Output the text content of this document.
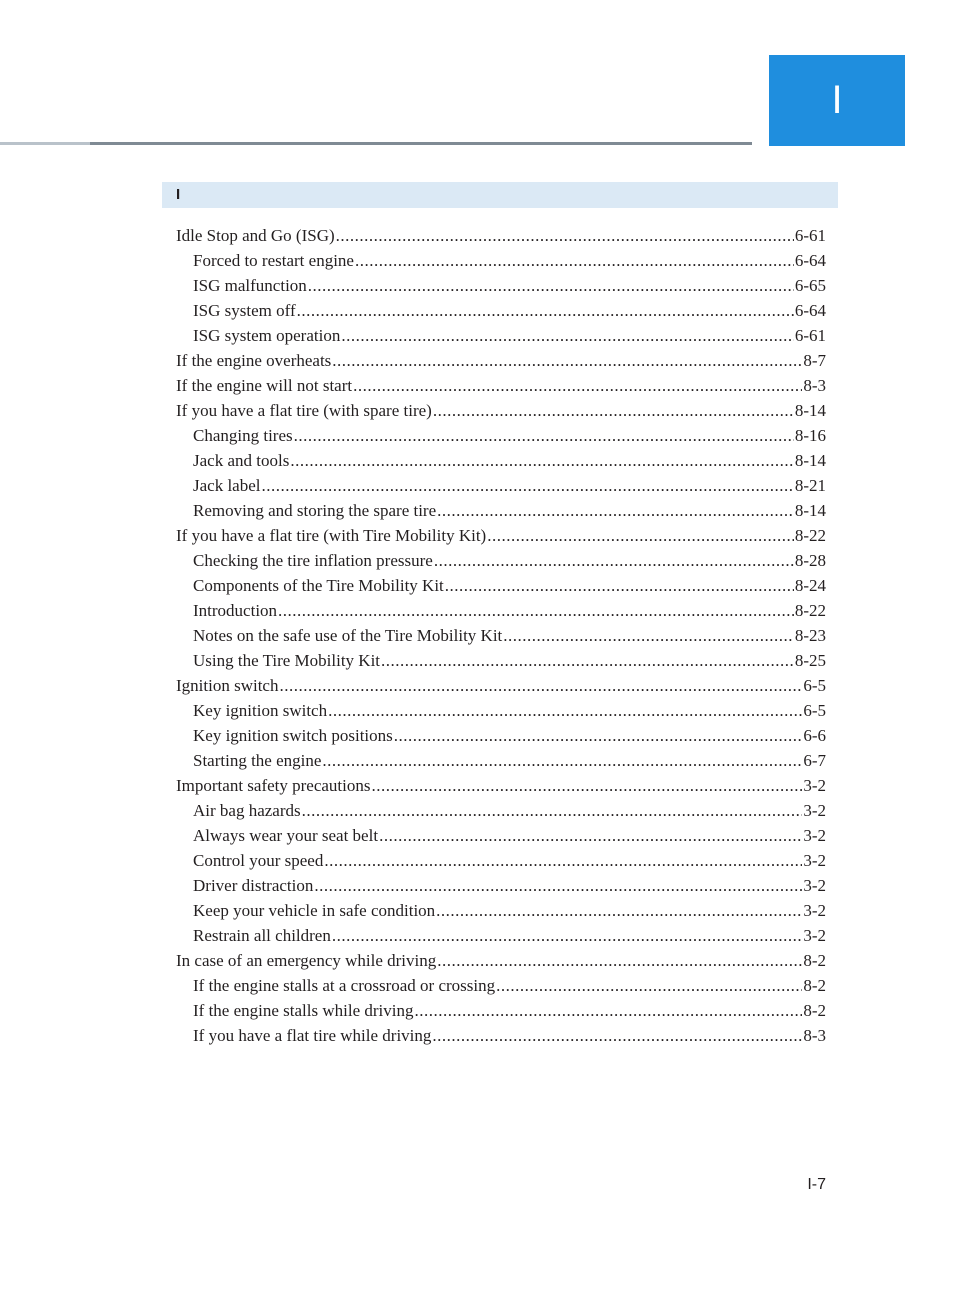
I
I
Idle Stop and Go (ISG) .....	6-61
Forced to restart engine .....	6-64
ISG malfunction .....	6-65
ISG system off .....	6-64
ISG system operation .....	6-61
If the engine overheats .....	8-7
If the engine will not start .....	8-3
If you have a flat tire (with spare tire) .....	8-14
Changing tires .....	8-16
Jack and tools .....	8-14
Jack label .....	8-21
Removing and storing the spare tire .....	8-14
If you have a flat tire (with Tire Mobility Kit) .....	8-22
Checking the tire inflation pressure .....	8-28
Components of the Tire Mobility Kit .....	8-24
Introduction .....	8-22
Notes on the safe use of the Tire Mobility Kit .....	8-23
Using the Tire Mobility Kit .....	8-25
Ignition switch .....	6-5
Key ignition switch .....	6-5
Key ignition switch positions .....	6-6
Starting the engine .....	6-7
Important safety precautions .....	3-2
Air bag hazards .....	3-2
Always wear your seat belt .....	3-2
Control your speed .....	3-2
Driver distraction .....	3-2
Keep your vehicle in safe condition .....	3-2
Restrain all children .....	3-2
In case of an emergency while driving .....	8-2
If the engine stalls at a crossroad or crossing .....	8-2
If the engine stalls while driving .....	8-2
If you have a flat tire while driving .....	8-3
I-7
